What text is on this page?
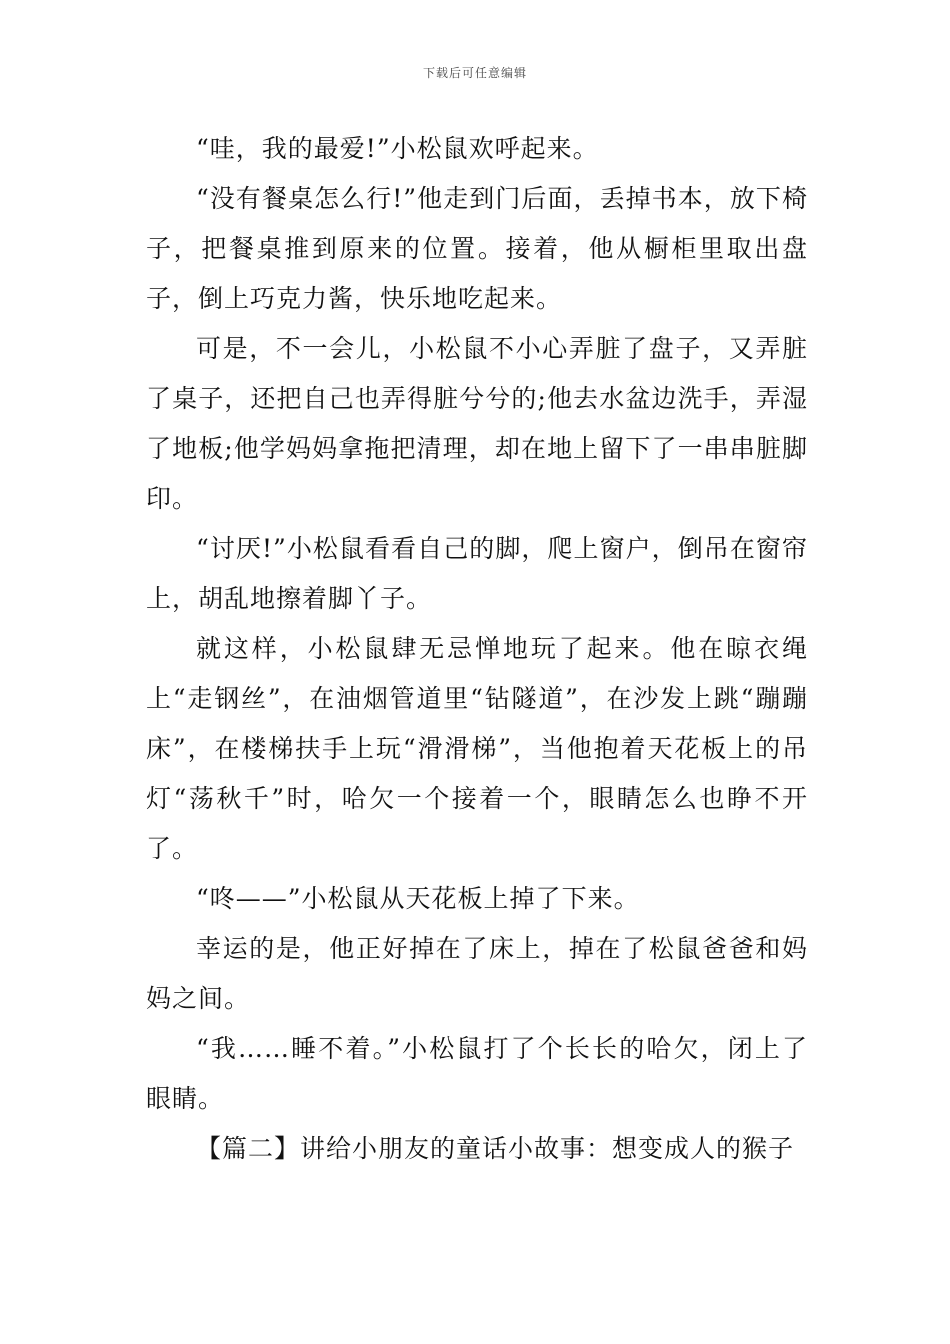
下载后可任意编辑

“哇，我的最爱!”小松鼠欢呼起来。

“没有餐桌怎么行!”他走到门后面，丢掉书本，放下椅子，把餐桌推到原来的位置。接着，他从橱柜里取出盘子，倒上巧克力酱，快乐地吃起来。

可是，不一会儿，小松鼠不小心弄脏了盘子，又弄脏了桌子，还把自己也弄得脏兮兮的;他去水盆边洗手，弄湿了地板;他学妈妈拿拖把清理，却在地上留下了一串串脏脚印。

“讨厌!”小松鼠看看自己的脚，爬上窗户，倒吊在窗帘上，胡乱地擦着脚丫子。

就这样，小松鼠肆无忌惮地玩了起来。他在晾衣绳上“走钢丝”，在油烟管道里“钻隧道”，在沙发上跳“蹦蹦床”，在楼梯扶手上玩“滑滑梯”，当他抱着天花板上的吊灯“荡秋千”时，哈欠一个接着一个，眼睛怎么也睁不开了。

“咚——”小松鼠从天花板上掉了下来。

幸运的是，他正好掉在了床上，掉在了松鼠爸爸和妈妈之间。

“我……睡不着。”小松鼠打了个长长的哈欠，闭上了眼睛。

【篇二】讲给小朋友的童话小故事：想变成人的猴子
